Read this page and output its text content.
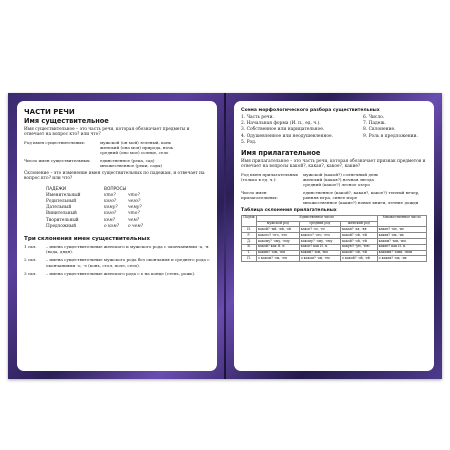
ЧАСТИ РЕЧИ
Имя существительное
Имя существительное – это часть речи, которая обозначает предметы и отвечает на вопрос кто? или что?
Род имен существительных:	мужской (он мой) зеленый, конь
женский (она моя) природа, ночь
средний (оно мое) солнце, село
Число имен существительных:	единственное (река, сад)
множественное (реки, сады)
Склонение – это изменение имен существительных по падежам, и отвечает на вопрос кто? или что?
ПАДЕЖИ	ВОПРОСЫ
Именительный	кто?	что?
Родительный	кого?	чего?
Дательный	кому?	чему?
Винительный	кого?	что?
Творительный	кем?	чем?
Предложный	о ком?	о чем?
Три склонения имен существительных
1 скл.	– имена существительные женского и мужского рода с окончаниями -а, -я (вода, дядя).
2 скл.	– имена существительные мужского рода без окончания и среднего рода с окончаниями -о, -е (конь, стол, поле, село).
3 скл.	– имена существительные женского рода с ь на конце (степь, рожь).
Схема морфологического разбора существительных
1. Часть речи.
2. Начальная форма (И. п., ед. ч.).
3. Собственное или нарицательное.
4. Одушевленное или неодушевленное.
5. Род.
6. Число.
7. Падеж.
8. Склонение.
9. Роль в предложении.
Имя прилагательное
Имя прилагательное – это часть речи, которая обозначает признак предметов и отвечает на вопросы какой?, какая?, какое?, какие?
Род имен прилагательных (только в ед. ч.):
мужской (какой?) солнечный день
женский (какая?) ночная звезда
средний (какое?) лесное озеро
Число имен прилагательных:
единственное (какой?, какая?, какое?) теплый вечер, ранняя игра, синее море
множественное (какие?) новые книги, летние дожди
Таблица склонения прилагательных
Падеж	Единственное число			Множественное число
	мужской род	средний род	женский род	
И.	какой? -ый, -ий, -ой	какое? -ое, -ее	какая? -ая, -яя	какие? -ые, -ие
Р.	какого? -ого, -его	какого? -ого, -его	какой? -ой, -ей	каких? -ых, -их
Д.	какому? -ому, -ему	какому? -ому, -ему	какой? -ой, -ей	каким? -ым, -им
В.	какой? как И. п.	какое? как И. п.	какую? -ую, -юю	какие? как И. п.
Т.	каким? -ым, -им	каким? -ым, -им	какой? -ой, -ей	какими? -ыми, -ими
П.	о каком? -ом, -ем	о каком? -ом, -ем	о какой? -ой, -ей	о каких? -ых, -их
